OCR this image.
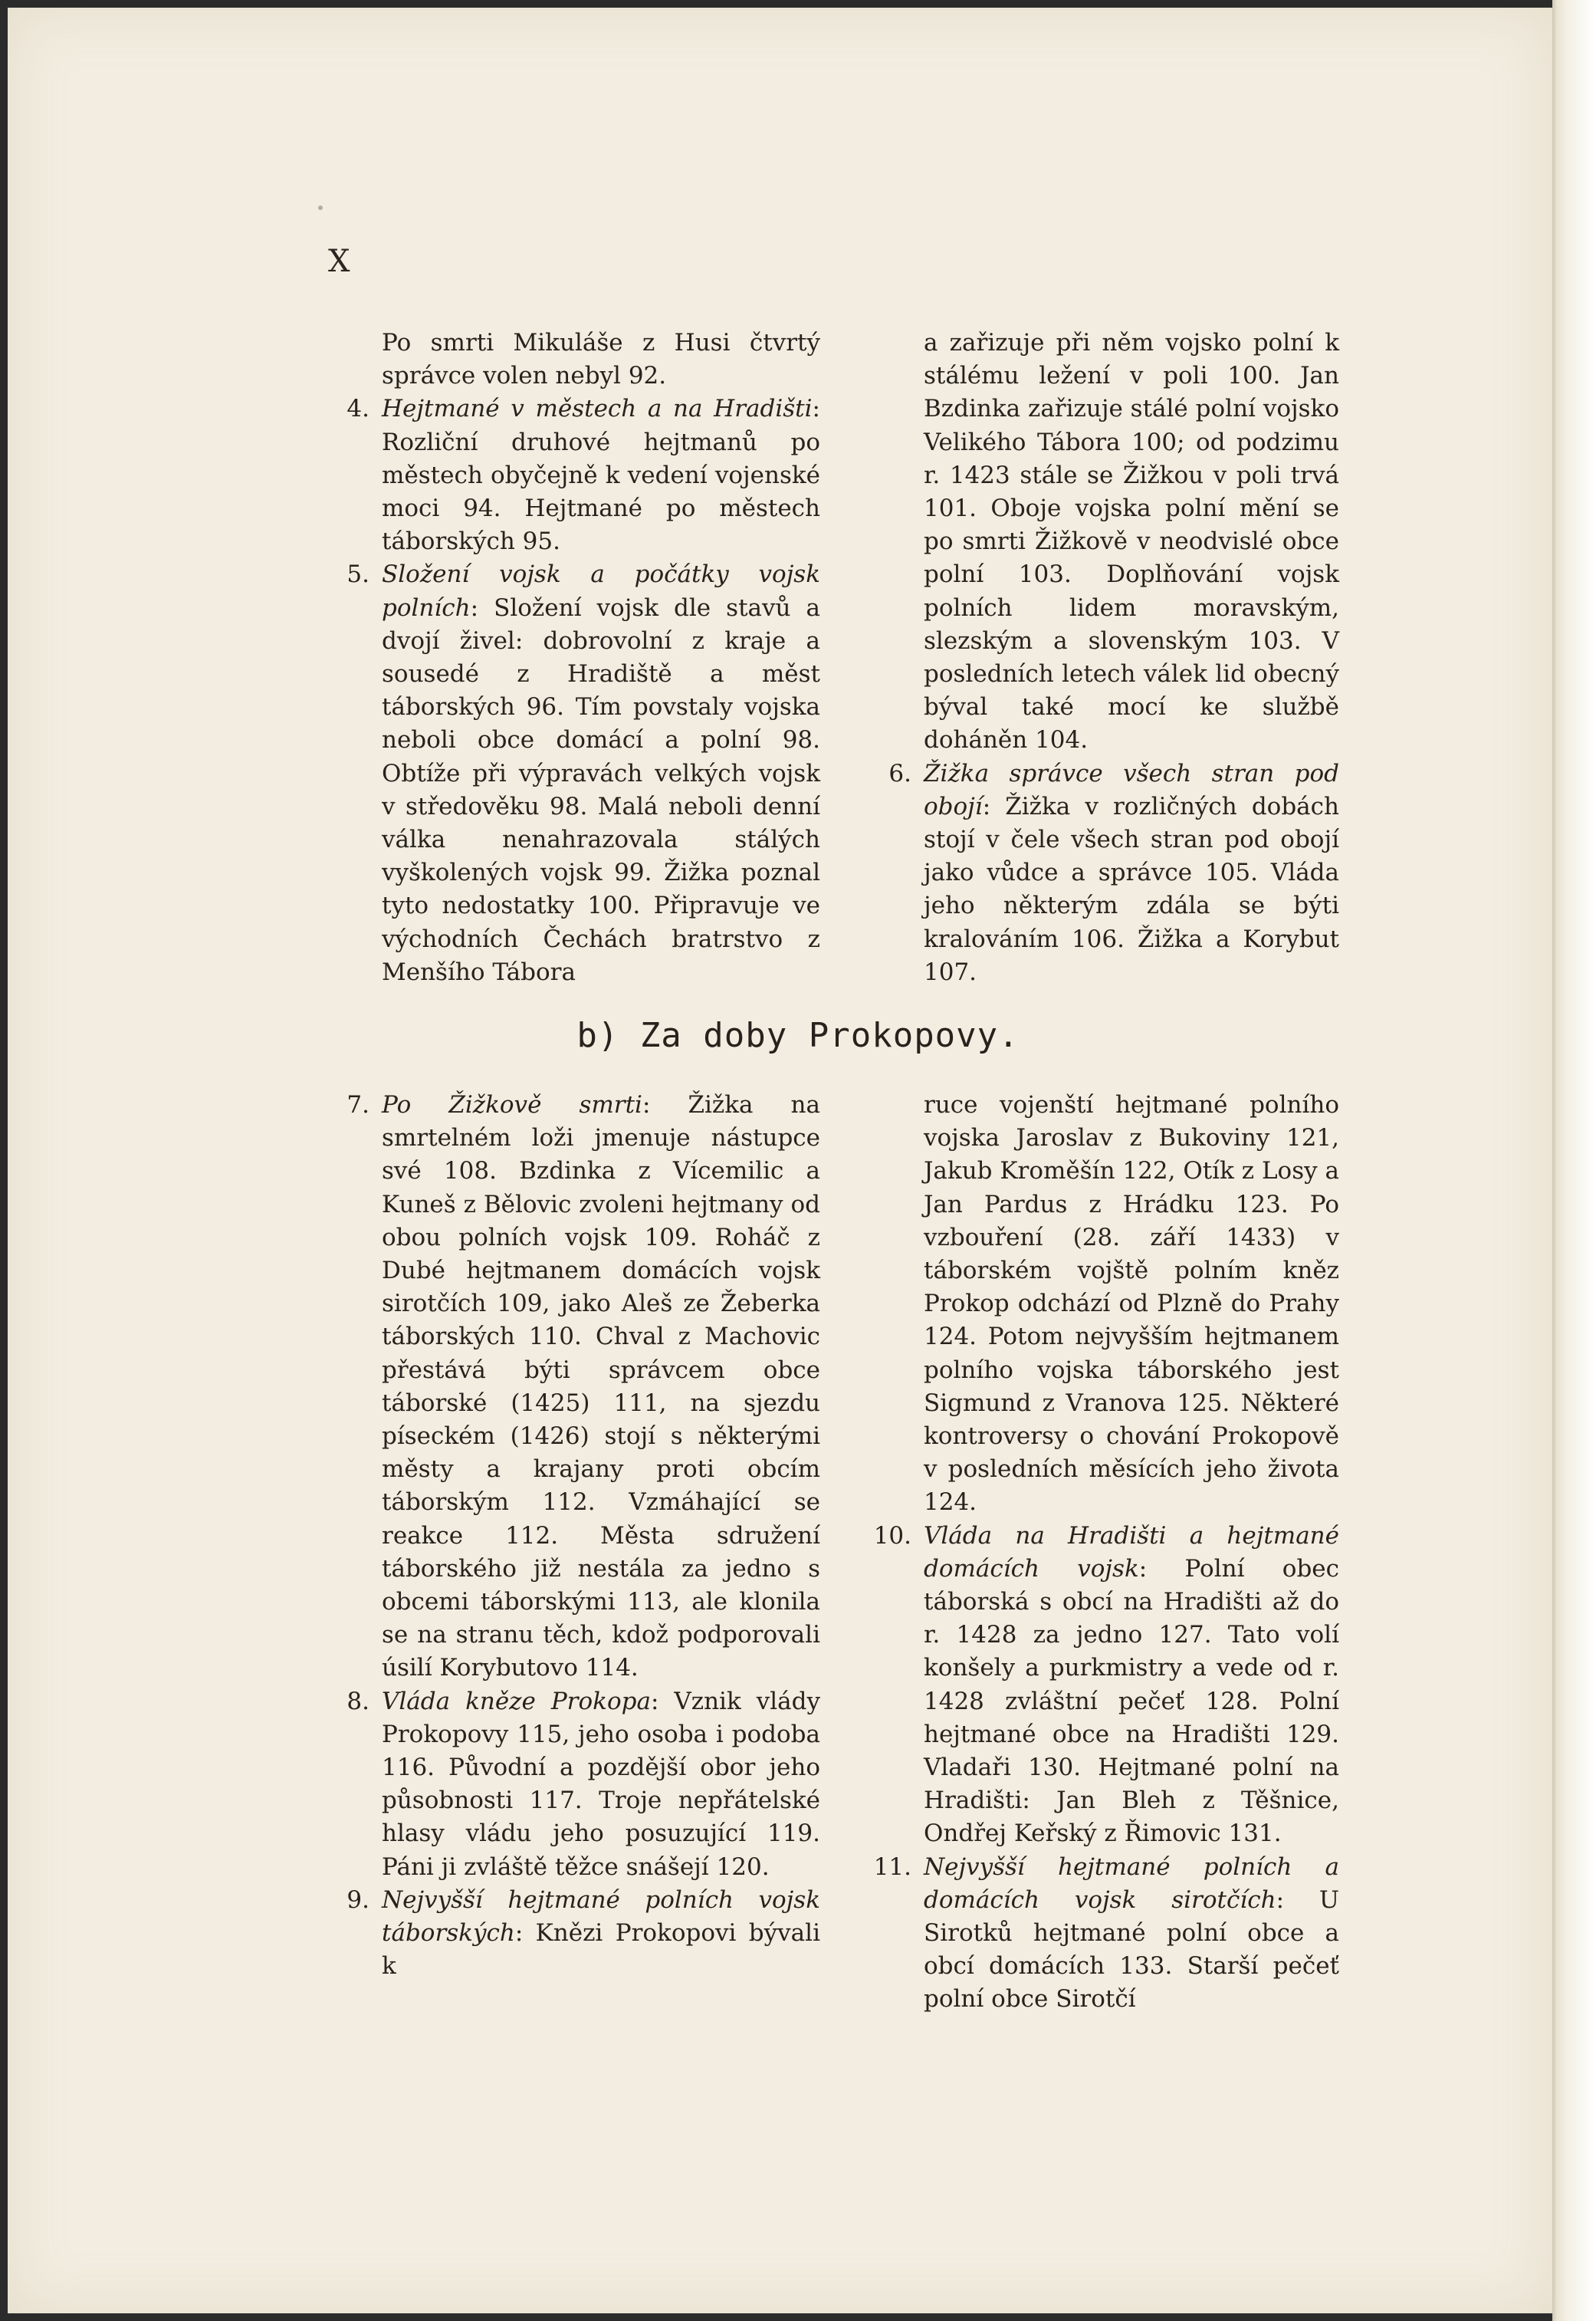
X

Po smrti Mikuláše z Husi čtvrtý správce volen nebyl 92.

4. Hejtmané v městech a na Hradišti: Rozliční druhové hejtmanů po městech obyčejně k vedení vojenské moci 94. Hejtmané po městech táborských 95.

5. Složení vojsk a počátky vojsk polních: Složení vojsk dle stavů a dvojí živel: dobrovolní z kraje a sousedé z Hradiště a měst táborských 96. Tím povstaly vojska neboli obce domácí a polní 98. Obtíže při výpravách velkých vojsk v středověku 98. Malá neboli denní válka nenahrazovala stálých vyškolených vojsk 99. Žižka poznal tyto nedostatky 100. Připravuje ve východních Čechách bratrstvo z Menšího Tábora

a zařizuje při něm vojsko polní k stálému ležení v poli 100. Jan Bzdinka zařizuje stálé polní vojsko Velikého Tábora 100; od podzimu r. 1423 stále se Žižkou v poli trvá 101. Oboje vojska polní mění se po smrti Žižkově v neodvislé obce polní 103. Doplňování vojsk polních lidem moravským, slezským a slovenským 103. V posledních letech válek lid obecný býval také mocí ke službě doháněn 104.

6. Žižka správce všech stran pod obojí: Žižka v rozličných dobách stojí v čele všech stran pod obojí jako vůdce a správce 105. Vláda jeho některým zdála se býti kralováním 106. Žižka a Korybut 107.

b) Za doby Prokopovy.

7. Po Žižkově smrti: Žižka na smrtelném loži jmenuje nástupce své 108. Bzdinka z Vícemilic a Kuneš z Bělovic zvoleni hejtmany od obou polních vojsk 109. Roháč z Dubé hejtmanem domácích vojsk sirotčích 109, jako Aleš ze Žeberka táborských 110. Chval z Machovic přestává býti správcem obce táborské (1425) 111, na sjezdu píseckém (1426) stojí s některými městy a krajany proti obcím táborským 112. Vzmáhající se reakce 112. Města sdružení táborského již nestála za jedno s obcemi táborskými 113, ale klonila se na stranu těch, kdož podporovali úsilí Korybutovo 114.

8. Vláda kněze Prokopa: Vznik vlády Prokopovy 115, jeho osoba i podoba 116. Původní a pozdější obor jeho působnosti 117. Troje nepřátelské hlasy vládu jeho posuzující 119. Páni ji zvláště těžce snášejí 120.

9. Nejvyšší hejtmané polních vojsk táborských: Knězi Prokopovi bývali k

ruce vojenští hejtmané polního vojska Jaroslav z Bukoviny 121, Jakub Kroměšín 122, Otík z Losy a Jan Pardus z Hrádku 123. Po vzbouření (28. září 1433) v táborském vojště polním kněz Prokop odchází od Plzně do Prahy 124. Potom nejvyšším hejtmanem polního vojska táborského jest Sigmund z Vranova 125. Některé kontroversy o chování Prokopově v posledních měsících jeho života 124.

10. Vláda na Hradišti a hejtmané domácích vojsk: Polní obec táborská s obcí na Hradišti až do r. 1428 za jedno 127. Tato volí konšely a purkmistry a vede od r. 1428 zvláštní pečeť 128. Polní hejtmané obce na Hradišti 129. Vladaři 130. Hejtmané polní na Hradišti: Jan Bleh z Těšnice, Ondřej Keřský z Řimovic 131.

11. Nejvyšší hejtmané polních a domácích vojsk sirotčích: U Sirotků hejtmané polní obce a obcí domácích 133. Starší pečeť polní obce Sirotčí
